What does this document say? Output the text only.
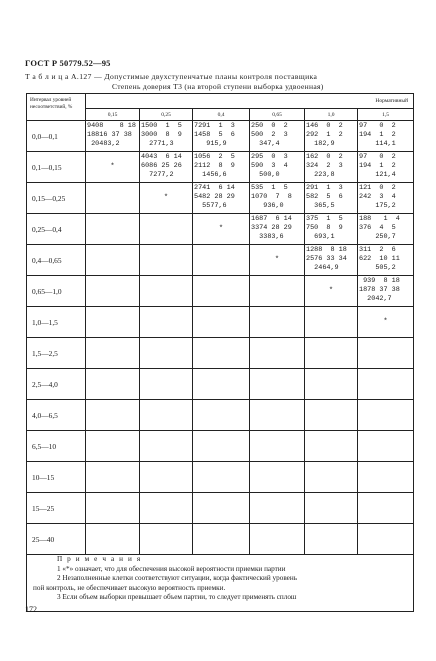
ГОСТ Р 50779.52—95
Т а б л и ц а А.127 — Допустимые двухступенчатые планы контроля поставщика
Степень доверия Т3 (на второй ступени выборка удвоенная)
Интервал уровней несоответствий, %	Нормативный					
	0,15	0,25	0,4	0,65	1,0	1,5
0,0—0,1	9408    8 18
18816 37 38
20483,2	1500  1  5
3000  8  9
2771,3	7291  1  3
1458  5  6
915,9	250  0  2
500  2  3
347,4	146  0  2
292  1  2
182,9	97   0  2
194  1  2
114,1
0,1—0,15	*	4043  6 14
6086 25 26
7277,2	1056  2  5
2112  8  9
1456,6	295  0  3
590  3  4
500,0	162  0  2
324  2  3
223,8	97   0  2
194  1  2
121,4
0,15—0,25		*	2741  6 14
5482 28 29
5577,6	535  1  5
1070  7  8
936,0	291  1  3
582  5  6
365,5	121  0  2
242  3  4
175,2
0,25—0,4			*	1687  6 14
3374 28 29
3383,6	375  1  5
750  8  9
693,1	188   1  4
376  4  5
250,7
0,4—0,65				*	1288  8 18
2576 33 34
2464,9	311  2  6
622  10 11
505,2
0,65—1,0					*	939  8 18
1878 37 38
2042,7
1,0—1,5						*
1,5—2,5						
2,5—4,0						
4,0—6,5						
6,5—10						
10—15						
15—25						
25—40						

П р и м е ч а н и я
1 «*» означает, что для обеспечения высокой вероятности приемки партии
2 Незаполненные клетки соответствуют ситуации, когда фактический уровень
пой контроль, не обеспечивает высокую вероятность приемки.
3 Если объем выборки превышает объем партии, то следует применять сплош						
172
